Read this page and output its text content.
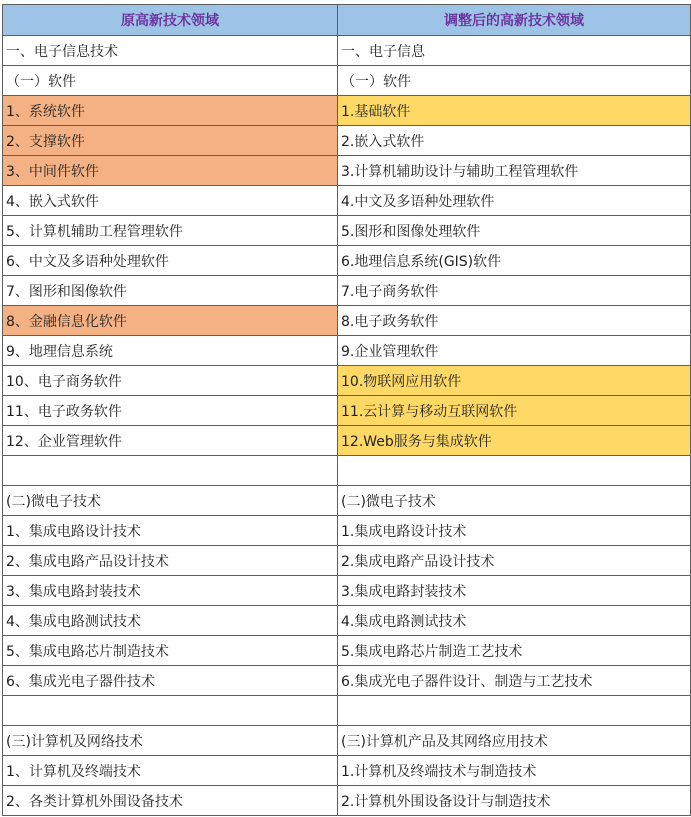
原高新技术领域	调整后的高新技术领域
一、电子信息技术	一、电子信息
（一）软件	（一）软件
1、系统软件	1.基础软件
2、支撑软件	2.嵌入式软件
3、中间件软件	3.计算机辅助设计与辅助工程管理软件
4、嵌入式软件	4.中文及多语种处理软件
5、计算机辅助工程管理软件	5.图形和图像处理软件
6、中文及多语种处理软件	6.地理信息系统(GIS)软件
7、图形和图像软件	7.电子商务软件
8、金融信息化软件	8.电子政务软件
9、地理信息系统	9.企业管理软件
10、电子商务软件	10.物联网应用软件
11、电子政务软件	11.云计算与移动互联网软件
12、企业管理软件	12.Web服务与集成软件

(二)微电子技术	(二)微电子技术
1、集成电路设计技术	1.集成电路设计技术
2、集成电路产品设计技术	2.集成电路产品设计技术
3、集成电路封装技术	3.集成电路封装技术
4、集成电路测试技术	4.集成电路测试技术
5、集成电路芯片制造技术	5.集成电路芯片制造工艺技术
6、集成光电子器件技术	6.集成光电子器件设计、制造与工艺技术

(三)计算机及网络技术	(三)计算机产品及其网络应用技术
1、计算机及终端技术	1.计算机及终端技术与制造技术
2、各类计算机外围设备技术	2.计算机外围设备设计与制造技术
